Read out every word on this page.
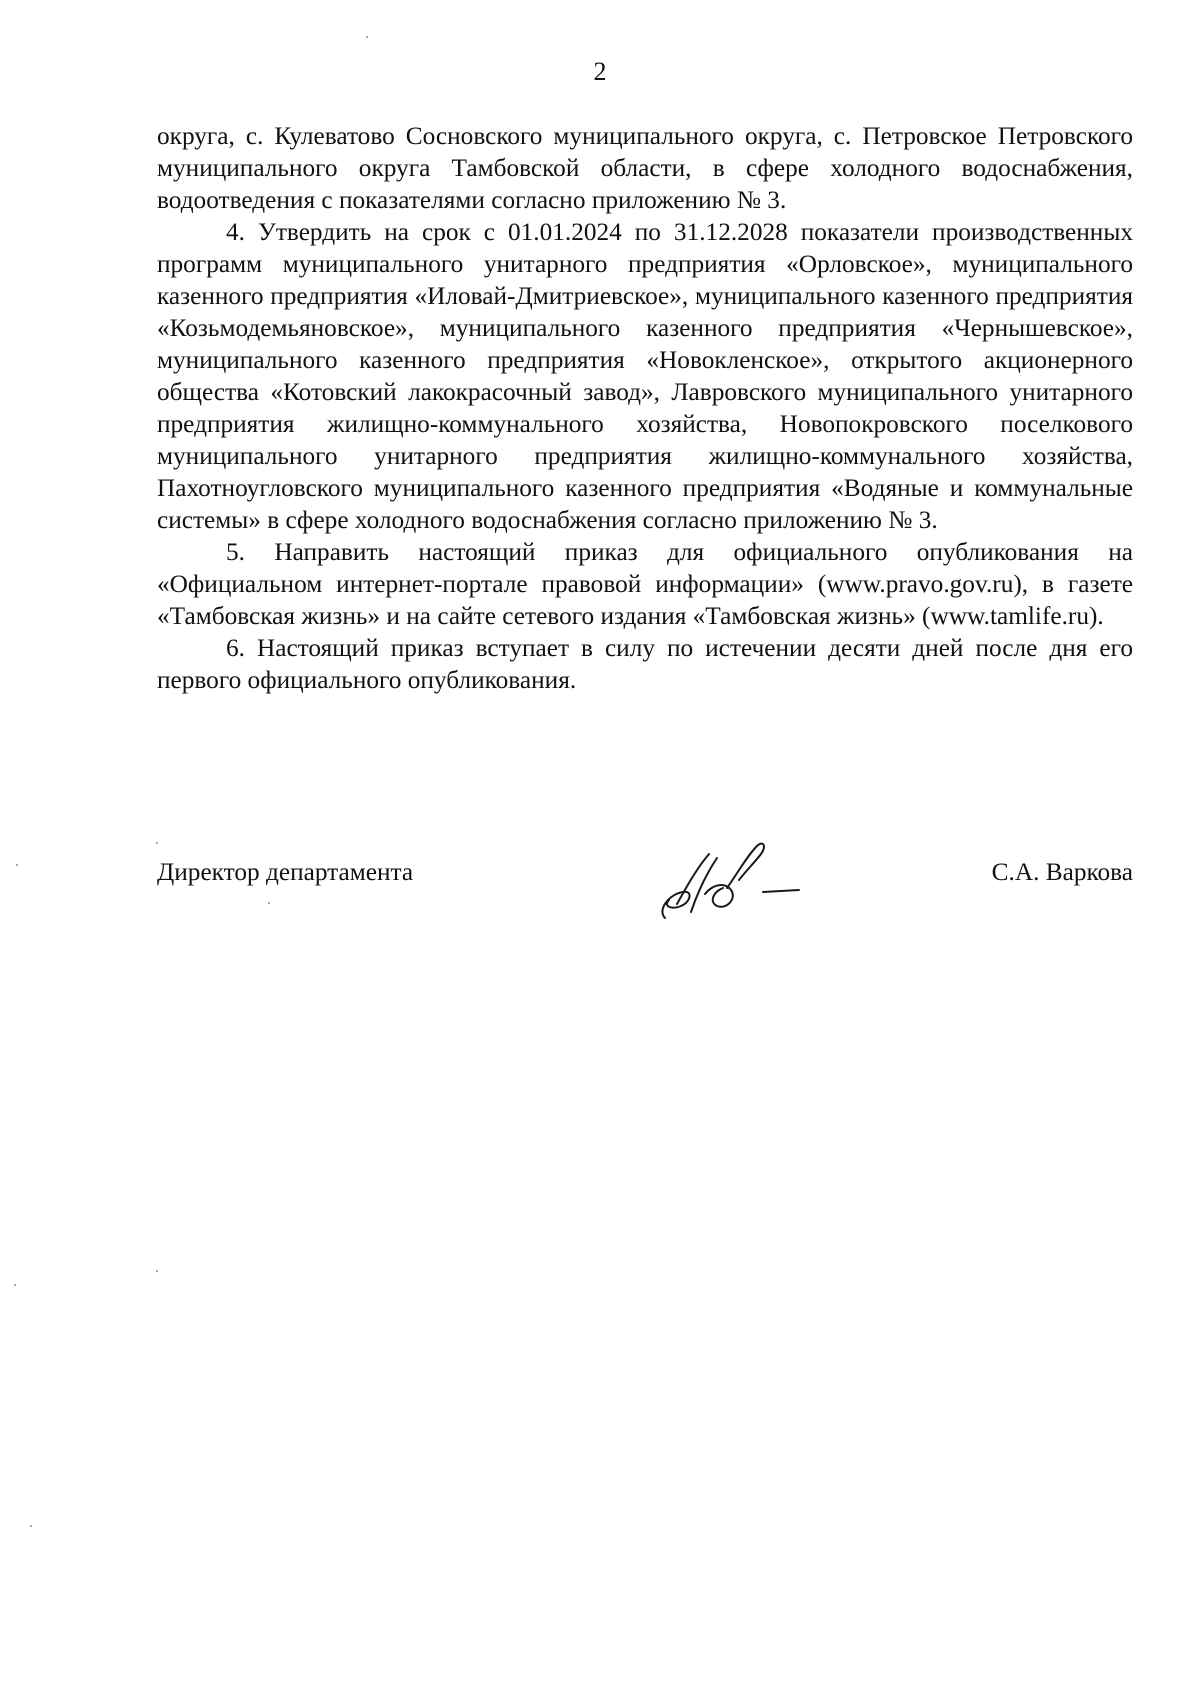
2

округа, с. Кулеватово Сосновского муниципального округа, с. Петровское Петровского муниципального округа Тамбовской области, в сфере холодного водоснабжения, водоотведения с показателями согласно приложению № 3.

4. Утвердить на срок с 01.01.2024 по 31.12.2028 показатели производственных программ муниципального унитарного предприятия «Орловское», муниципального казенного предприятия «Иловай-Дмитриевское», муниципального казенного предприятия «Козьмодемьяновское», муниципального казенного предприятия «Чернышевское», муниципального казенного предприятия «Новокленское», открытого акционерного общества «Котовский лакокрасочный завод», Лавровского муниципального унитарного предприятия жилищно-коммунального хозяйства, Новопокровского поселкового муниципального унитарного предприятия жилищно-коммунального хозяйства, Пахотноугловского муниципального казенного предприятия «Водяные и коммунальные системы» в сфере холодного водоснабжения согласно приложению № 3.

5. Направить настоящий приказ для официального опубликования на «Официальном интернет-портале правовой информации» (www.pravo.gov.ru), в газете «Тамбовская жизнь» и на сайте сетевого издания «Тамбовская жизнь» (www.tamlife.ru).

6. Настоящий приказ вступает в силу по истечении десяти дней после дня его первого официального опубликования.

Директор департамента	С.А. Варкова
